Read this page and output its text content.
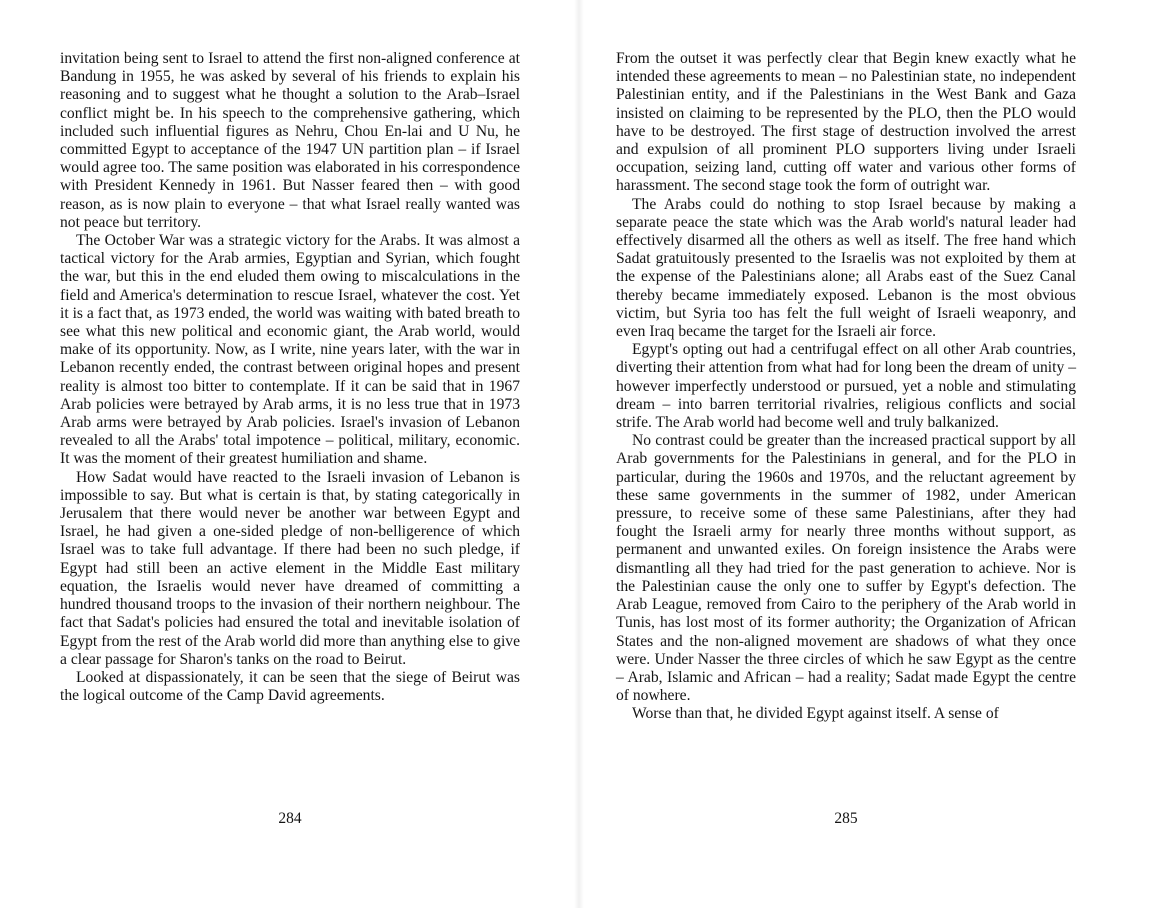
invitation being sent to Israel to attend the first non-aligned conference at Bandung in 1955, he was asked by several of his friends to explain his reasoning and to suggest what he thought a solution to the Arab–Israel conflict might be. In his speech to the comprehensive gathering, which included such influential figures as Nehru, Chou En-lai and U Nu, he committed Egypt to acceptance of the 1947 UN partition plan – if Israel would agree too. The same position was elaborated in his correspondence with President Kennedy in 1961. But Nasser feared then – with good reason, as is now plain to everyone – that what Israel really wanted was not peace but territory.

The October War was a strategic victory for the Arabs. It was almost a tactical victory for the Arab armies, Egyptian and Syrian, which fought the war, but this in the end eluded them owing to miscalculations in the field and America's determination to rescue Israel, whatever the cost. Yet it is a fact that, as 1973 ended, the world was waiting with bated breath to see what this new political and economic giant, the Arab world, would make of its opportunity. Now, as I write, nine years later, with the war in Lebanon recently ended, the contrast between original hopes and present reality is almost too bitter to contemplate. If it can be said that in 1967 Arab policies were betrayed by Arab arms, it is no less true that in 1973 Arab arms were betrayed by Arab policies. Israel's invasion of Lebanon revealed to all the Arabs' total impotence – political, military, economic. It was the moment of their greatest humiliation and shame.

How Sadat would have reacted to the Israeli invasion of Lebanon is impossible to say. But what is certain is that, by stating categorically in Jerusalem that there would never be another war between Egypt and Israel, he had given a one-sided pledge of non-belligerence of which Israel was to take full advantage. If there had been no such pledge, if Egypt had still been an active element in the Middle East military equation, the Israelis would never have dreamed of committing a hundred thousand troops to the invasion of their northern neighbour. The fact that Sadat's policies had ensured the total and inevitable isolation of Egypt from the rest of the Arab world did more than anything else to give a clear passage for Sharon's tanks on the road to Beirut.

Looked at dispassionately, it can be seen that the siege of Beirut was the logical outcome of the Camp David agreements.

284

From the outset it was perfectly clear that Begin knew exactly what he intended these agreements to mean – no Palestinian state, no independent Palestinian entity, and if the Palestinians in the West Bank and Gaza insisted on claiming to be represented by the PLO, then the PLO would have to be destroyed. The first stage of destruction involved the arrest and expulsion of all prominent PLO supporters living under Israeli occupation, seizing land, cutting off water and various other forms of harassment. The second stage took the form of outright war.

The Arabs could do nothing to stop Israel because by making a separate peace the state which was the Arab world's natural leader had effectively disarmed all the others as well as itself. The free hand which Sadat gratuitously presented to the Israelis was not exploited by them at the expense of the Palestinians alone; all Arabs east of the Suez Canal thereby became immediately exposed. Lebanon is the most obvious victim, but Syria too has felt the full weight of Israeli weaponry, and even Iraq became the target for the Israeli air force.

Egypt's opting out had a centrifugal effect on all other Arab countries, diverting their attention from what had for long been the dream of unity – however imperfectly understood or pursued, yet a noble and stimulating dream – into barren territorial rivalries, religious conflicts and social strife. The Arab world had become well and truly balkanized.

No contrast could be greater than the increased practical support by all Arab governments for the Palestinians in general, and for the PLO in particular, during the 1960s and 1970s, and the reluctant agreement by these same governments in the summer of 1982, under American pressure, to receive some of these same Palestinians, after they had fought the Israeli army for nearly three months without support, as permanent and unwanted exiles. On foreign insistence the Arabs were dismantling all they had tried for the past generation to achieve. Nor is the Palestinian cause the only one to suffer by Egypt's defection. The Arab League, removed from Cairo to the periphery of the Arab world in Tunis, has lost most of its former authority; the Organization of African States and the non-aligned movement are shadows of what they once were. Under Nasser the three circles of which he saw Egypt as the centre – Arab, Islamic and African – had a reality; Sadat made Egypt the centre of nowhere.

Worse than that, he divided Egypt against itself. A sense of

285
